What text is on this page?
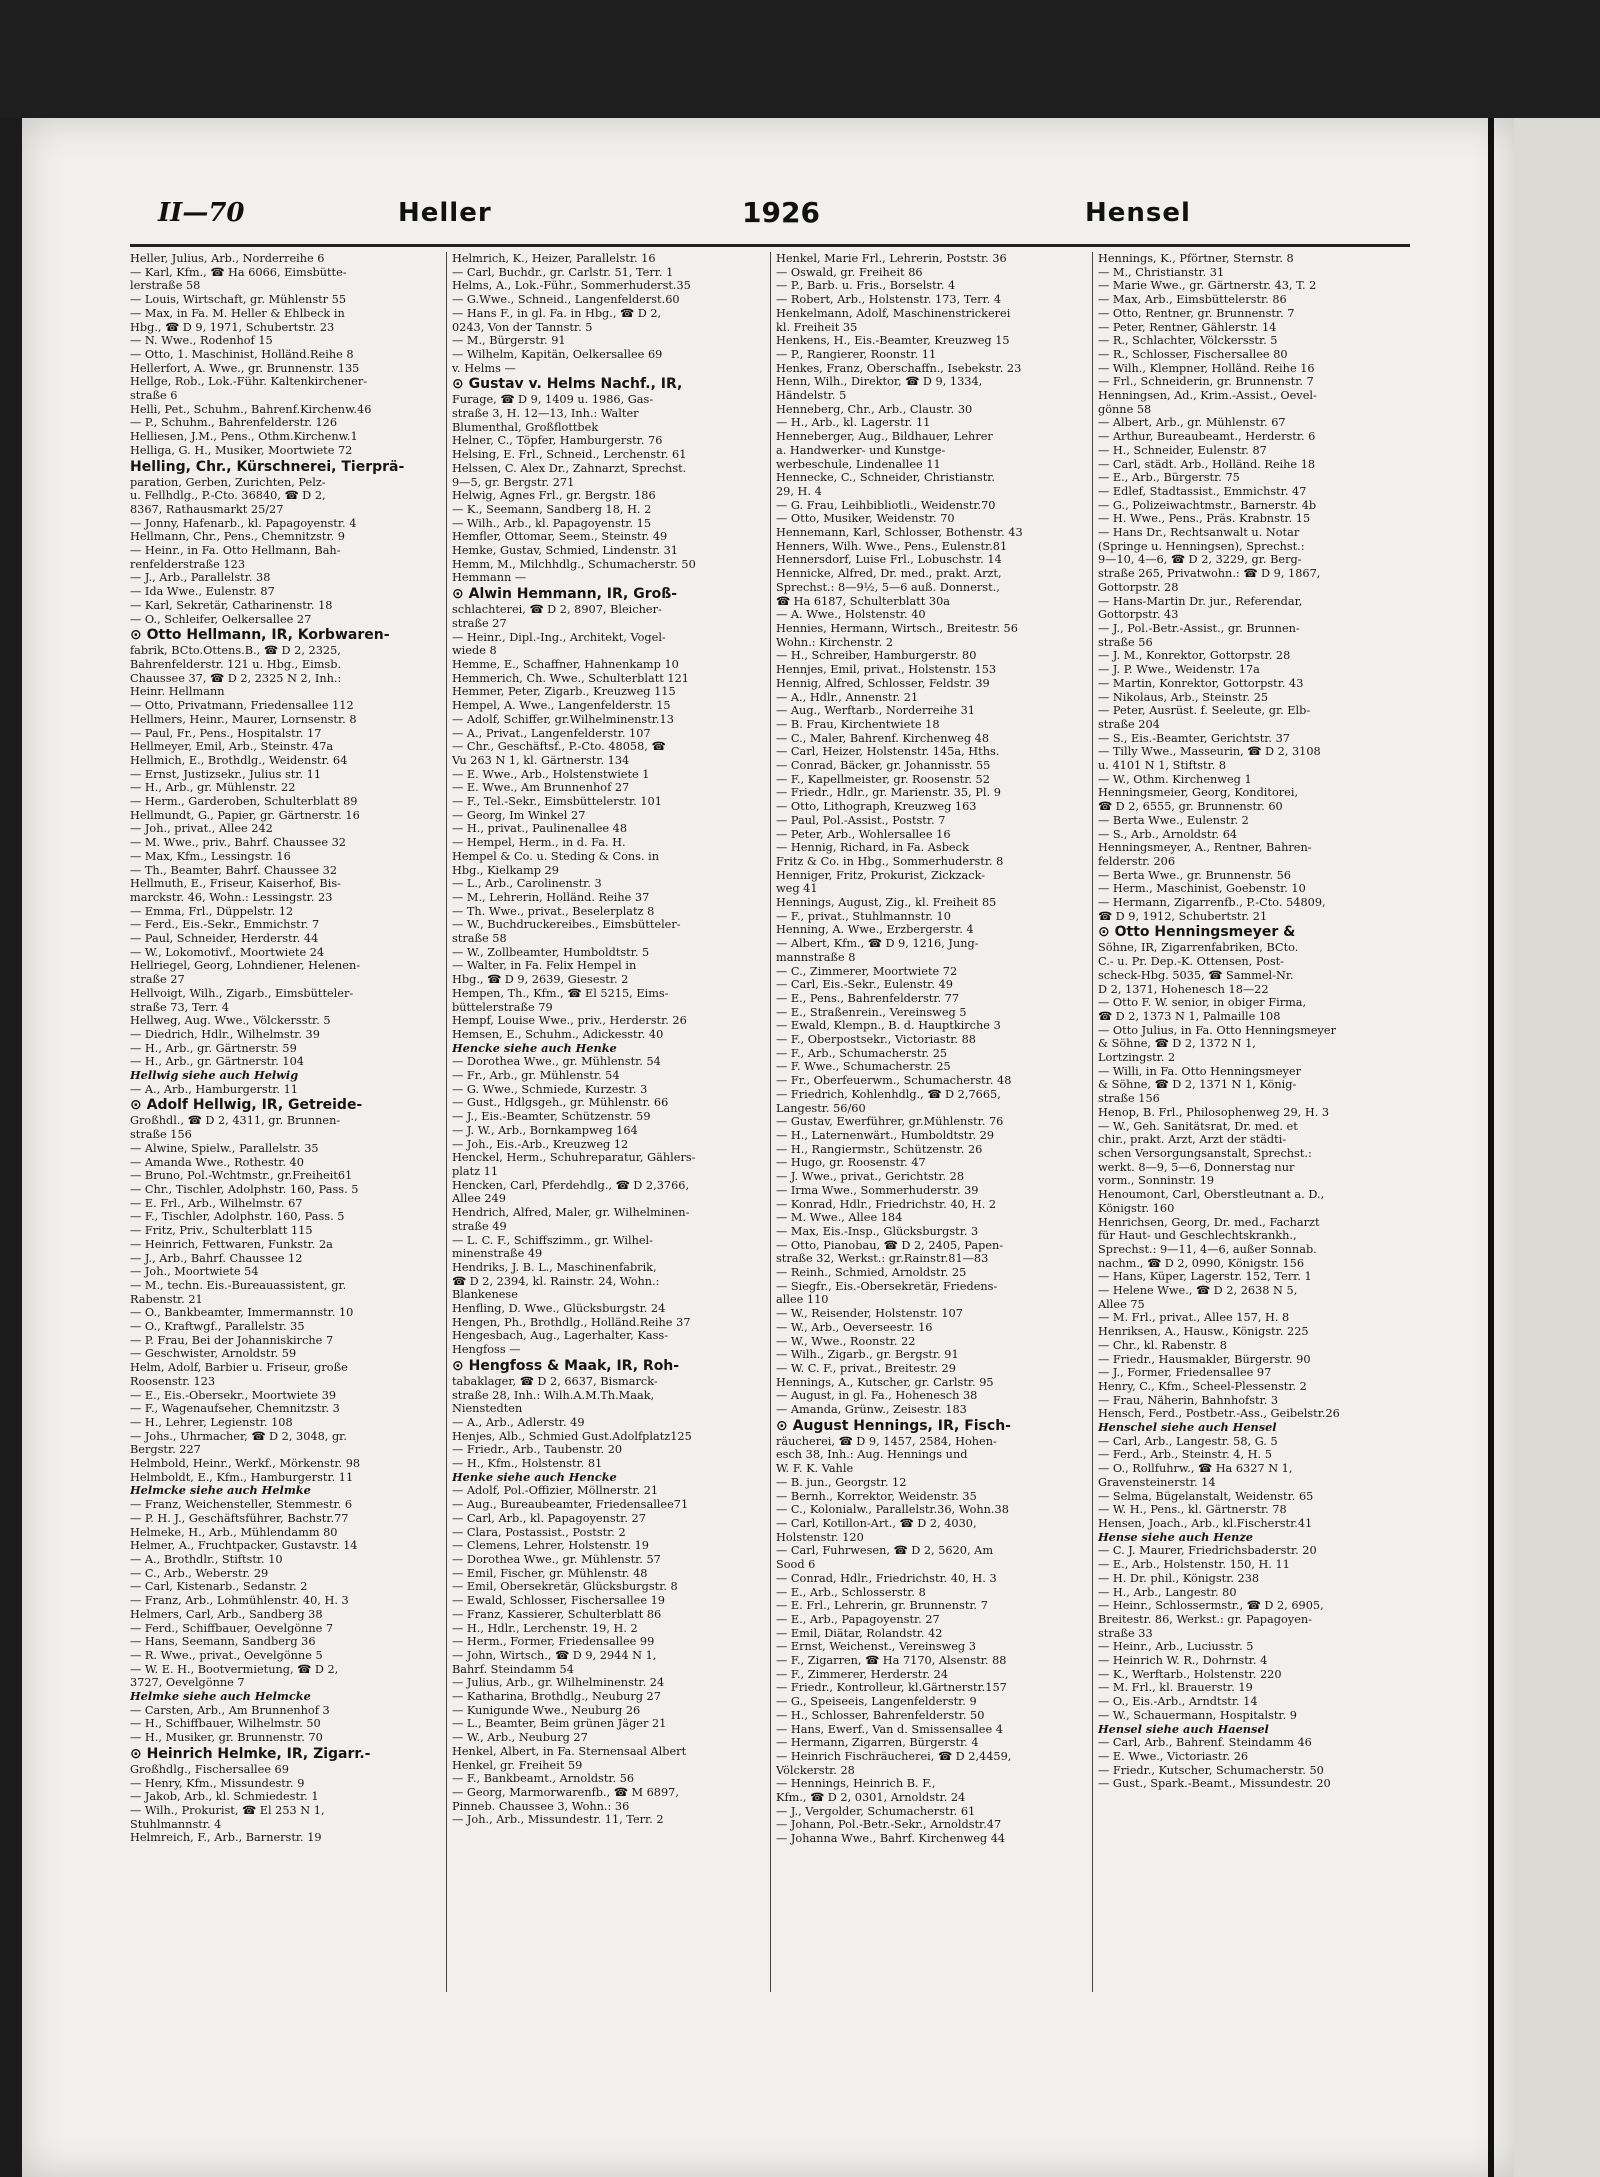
II—70	Heller	1926	Hensel
Heller, Julius, Arb., Norderreihe 6
— Karl, Kfm., ☎ Ha 6066, Eimsbütte-
lerstraße 58
— Louis, Wirtschaft, gr. Mühlenstr 55
— Max, in Fa. M. Heller & Ehlbeck in
Hbg., ☎ D 9, 1971, Schubertstr. 23
— N. Wwe., Rodenhof 15
— Otto, 1. Maschinist, Holländ.Reihe 8
Hellerfort, A. Wwe., gr. Brunnenstr. 135
Hellge, Rob., Lok.-Führ. Kaltenkirchener-
straße 6
Helli, Pet., Schuhm., Bahrenf.Kirchenw.46
— P., Schuhm., Bahrenfelderstr. 126
Helliesen, J.M., Pens., Othm.Kirchenw.1
Helliga, G. H., Musiker, Moortwiete 72
Helling, Chr., Kürschnerei, Tierprä-
paration, Gerben, Zurichten, Pelz-
u. Fellhdlg., P.-Cto. 36840, ☎ D 2,
8367, Rathausmarkt 25/27
— Jonny, Hafenarb., kl. Papagoyenstr. 4
Hellmann, Chr., Pens., Chemnitzstr. 9
— Heinr., in Fa. Otto Hellmann, Bah-
renfelderstraße 123
— J., Arb., Parallelstr. 38
— Ida Wwe., Eulenstr. 87
— Karl, Sekretär, Catharinenstr. 18
— O., Schleifer, Oelkersallee 27
⊙ Otto Hellmann, IR, Korbwaren-
fabrik, BCto.Ottens.B., ☎ D 2, 2325,
Bahrenfelderstr. 121 u. Hbg., Eimsb.
Chaussee 37, ☎ D 2, 2325 N 2, Inh.:
Heinr. Hellmann
— Otto, Privatmann, Friedensallee 112
Hellmers, Heinr., Maurer, Lornsenstr. 8
— Paul, Fr., Pens., Hospitalstr. 17
Hellmeyer, Emil, Arb., Steinstr. 47a
Hellmich, E., Brothdlg., Weidenstr. 64
— Ernst, Justizsekr., Julius str. 11
— H., Arb., gr. Mühlenstr. 22
— Herm., Garderoben, Schulterblatt 89
Hellmundt, G., Papier, gr. Gärtnerstr. 16
— Joh., privat., Allee 242
— M. Wwe., priv., Bahrf. Chaussee 32
— Max, Kfm., Lessingstr. 16
— Th., Beamter, Bahrf. Chaussee 32
Hellmuth, E., Friseur, Kaiserhof, Bis-
marckstr. 46, Wohn.: Lessingstr. 23
— Emma, Frl., Düppelstr. 12
— Ferd., Eis.-Sekr., Emmichstr. 7
— Paul, Schneider, Herderstr. 44
— W., Lokomotivf., Moortwiete 24
Hellriegel, Georg, Lohndiener, Helenen-
straße 27
Hellvoigt, Wilh., Zigarb., Eimsbütteler-
straße 73, Terr. 4
Hellweg, Aug. Wwe., Völckersstr. 5
— Diedrich, Hdlr., Wilhelmstr. 39
— H., Arb., gr. Gärtnerstr. 59
— H., Arb., gr. Gärtnerstr. 104
Hellwig siehe auch Helwig
— A., Arb., Hamburgerstr. 11
⊙ Adolf Hellwig, IR, Getreide-
Großhdl., ☎ D 2, 4311, gr. Brunnen-
straße 156
— Alwine, Spielw., Parallelstr. 35
— Amanda Wwe., Rothestr. 40
— Bruno, Pol.-Wchtmstr., gr.Freiheit61
— Chr., Tischler, Adolphstr. 160, Pass. 5
— E. Frl., Arb., Wilhelmstr. 67
— F., Tischler, Adolphstr. 160, Pass. 5
— Fritz, Priv., Schulterblatt 115
— Heinrich, Fettwaren, Funkstr. 2a
— J., Arb., Bahrf. Chaussee 12
— Joh., Moortwiete 54
— M., techn. Eis.-Bureauassistent, gr.
Rabenstr. 21
— O., Bankbeamter, Immermannstr. 10
— O., Kraftwgf., Parallelstr. 35
— P. Frau, Bei der Johanniskirche 7
— Geschwister, Arnoldstr. 59
Helm, Adolf, Barbier u. Friseur, große
Roosenstr. 123
— E., Eis.-Obersekr., Moortwiete 39
— F., Wagenaufseher, Chemnitzstr. 3
— H., Lehrer, Legienstr. 108
— Johs., Uhrmacher, ☎ D 2, 3048, gr.
Bergstr. 227
Helmbold, Heinr., Werkf., Mörkenstr. 98
Helmboldt, E., Kfm., Hamburgerstr. 11
Helmcke siehe auch Helmke
— Franz, Weichensteller, Stemmestr. 6
— P. H. J., Geschäftsführer, Bachstr.77
Helmeke, H., Arb., Mühlendamm 80
Helmer, A., Fruchtpacker, Gustavstr. 14
— A., Brothdlr., Stiftstr. 10
— C., Arb., Weberstr. 29
— Carl, Kistenarb., Sedanstr. 2
— Franz, Arb., Lohmühlenstr. 40, H. 3
Helmers, Carl, Arb., Sandberg 38
— Ferd., Schiffbauer, Oevelgönne 7
— Hans, Seemann, Sandberg 36
— R. Wwe., privat., Oevelgönne 5
— W. E. H., Bootvermietung, ☎ D 2,
3727, Oevelgönne 7
Helmke siehe auch Helmcke
— Carsten, Arb., Am Brunnenhof 3
— H., Schiffbauer, Wilhelmstr. 50
— H., Musiker, gr. Brunnenstr. 70
⊙ Heinrich Helmke, IR, Zigarr.-
Großhdlg., Fischersallee 69
— Henry, Kfm., Missundestr. 9
— Jakob, Arb., kl. Schmiedestr. 1
— Wilh., Prokurist, ☎ El 253 N 1,
Stuhlmannstr. 4
Helmreich, F., Arb., Barnerstr. 19
Helmrich, K., Heizer, Parallelstr. 16
— Carl, Buchdr., gr. Carlstr. 51, Terr. 1
Helms, A., Lok.-Führ., Sommerhuderst.35
— G.Wwe., Schneid., Langenfelderst.60
— Hans F., in gl. Fa. in Hbg., ☎ D 2,
0243, Von der Tannstr. 5
— M., Bürgerstr. 91
— Wilhelm, Kapitän, Oelkersallee 69
v. Helms —
⊙ Gustav v. Helms Nachf., IR,
Furage, ☎ D 9, 1409 u. 1986, Gas-
straße 3, H. 12—13, Inh.: Walter
Blumenthal, Großflottbek
Helner, C., Töpfer, Hamburgerstr. 76
Helsing, E. Frl., Schneid., Lerchenstr. 61
Helssen, C. Alex Dr., Zahnarzt, Sprechst.
9—5, gr. Bergstr. 271
Helwig, Agnes Frl., gr. Bergstr. 186
— K., Seemann, Sandberg 18, H. 2
— Wilh., Arb., kl. Papagoyenstr. 15
Hemfler, Ottomar, Seem., Steinstr. 49
Hemke, Gustav, Schmied, Lindenstr. 31
Hemm, M., Milchhdlg., Schumacherstr. 50
Hemmann —
⊙ Alwin Hemmann, IR, Groß-
schlachterei, ☎ D 2, 8907, Bleicher-
straße 27
— Heinr., Dipl.-Ing., Architekt, Vogel-
wiede 8
Hemme, E., Schaffner, Hahnenkamp 10
Hemmerich, Ch. Wwe., Schulterblatt 121
Hemmer, Peter, Zigarb., Kreuzweg 115
Hempel, A. Wwe., Langenfelderstr. 15
— Adolf, Schiffer, gr.Wilhelminenstr.13
— A., Privat., Langenfelderstr. 107
— Chr., Geschäftsf., P.-Cto. 48058, ☎
Vu 263 N 1, kl. Gärtnerstr. 134
— E. Wwe., Arb., Holstenstwiete 1
— E. Wwe., Am Brunnenhof 27
— F., Tel.-Sekr., Eimsbüttelerstr. 101
— Georg, Im Winkel 27
— H., privat., Paulinenallee 48
— Hempel, Herm., in d. Fa. H.
Hempel & Co. u. Steding & Cons. in
Hbg., Kielkamp 29
— L., Arb., Carolinenstr. 3
— M., Lehrerin, Holländ. Reihe 37
— Th. Wwe., privat., Beselerplatz 8
— W., Buchdruckereibes., Eimsbütteler-
straße 58
— W., Zollbeamter, Humboldtstr. 5
— Walter, in Fa. Felix Hempel in
Hbg., ☎ D 9, 2639, Giesestr. 2
Hempen, Th., Kfm., ☎ El 5215, Eims-
büttelerstraße 79
Hempf, Louise Wwe., priv., Herderstr. 26
Hemsen, E., Schuhm., Adickesstr. 40
Hencke siehe auch Henke
— Dorothea Wwe., gr. Mühlenstr. 54
— Fr., Arb., gr. Mühlenstr. 54
— G. Wwe., Schmiede, Kurzestr. 3
— Gust., Hdlgsgeh., gr. Mühlenstr. 66
— J., Eis.-Beamter, Schützenstr. 59
— J. W., Arb., Bornkampweg 164
— Joh., Eis.-Arb., Kreuzweg 12
Henckel, Herm., Schuhreparatur, Gählers-
platz 11
Hencken, Carl, Pferdehdlg., ☎ D 2,3766,
Allee 249
Hendrich, Alfred, Maler, gr. Wilhelminen-
straße 49
— L. C. F., Schiffszimm., gr. Wilhel-
minenstraße 49
Hendriks, J. B. L., Maschinenfabrik,
☎ D 2, 2394, kl. Rainstr. 24, Wohn.:
Blankenese
Henfling, D. Wwe., Glücksburgstr. 24
Hengen, Ph., Brothdlg., Holländ.Reihe 37
Hengesbach, Aug., Lagerhalter, Kass-
Hengfoss —
⊙ Hengfoss & Maak, IR, Roh-
tabaklager, ☎ D 2, 6637, Bismarck-
straße 28, Inh.: Wilh.A.M.Th.Maak,
Nienstedten
— A., Arb., Adlerstr. 49
Henjes, Alb., Schmied Gust.Adolfplatz125
— Friedr., Arb., Taubenstr. 20
— H., Kfm., Holstenstr. 81
Henke siehe auch Hencke
— Adolf, Pol.-Offizier, Möllnerstr. 21
— Aug., Bureaubeamter, Friedensallee71
— Carl, Arb., kl. Papagoyenstr. 27
— Clara, Postassist., Poststr. 2
— Clemens, Lehrer, Holstenstr. 19
— Dorothea Wwe., gr. Mühlenstr. 57
— Emil, Fischer, gr. Mühlenstr. 48
— Emil, Obersekretär, Glücksburgstr. 8
— Ewald, Schlosser, Fischersallee 19
— Franz, Kassierer, Schulterblatt 86
— H., Hdlr., Lerchenstr. 19, H. 2
— Herm., Former, Friedensallee 99
— John, Wirtsch., ☎ D 9, 2944 N 1,
Bahrf. Steindamm 54
— Julius, Arb., gr. Wilhelminenstr. 24
— Katharina, Brothdlg., Neuburg 27
— Kunigunde Wwe., Neuburg 26
— L., Beamter, Beim grünen Jäger 21
— W., Arb., Neuburg 27
Henkel, Albert, in Fa. Sternensaal Albert
Henkel, gr. Freiheit 59
— F., Bankbeamt., Arnoldstr. 56
— Georg, Marmorwarenfb., ☎ M 6897,
Pinneb. Chaussee 3, Wohn.: 36
— Joh., Arb., Missundestr. 11, Terr. 2
Henkel, Marie Frl., Lehrerin, Poststr. 36
— Oswald, gr. Freiheit 86
— P., Barb. u. Fris., Borselstr. 4
— Robert, Arb., Holstenstr. 173, Terr. 4
Henkelmann, Adolf, Maschinenstrickerei
kl. Freiheit 35
Henkens, H., Eis.-Beamter, Kreuzweg 15
— P., Rangierer, Roonstr. 11
Henkes, Franz, Oberschaffn., Isebekstr. 23
Henn, Wilh., Direktor, ☎ D 9, 1334,
Händelstr. 5
Henneberg, Chr., Arb., Claustr. 30
— H., Arb., kl. Lagerstr. 11
Henneberger, Aug., Bildhauer, Lehrer
a. Handwerker- und Kunstge-
werbeschule, Lindenallee 11
Hennecke, C., Schneider, Christianstr.
29, H. 4
— G. Frau, Leihbibliotli., Weidenstr.70
— Otto, Musiker, Weidenstr. 70
Hennemann, Karl, Schlosser, Bothenstr. 43
Henners, Wilh. Wwe., Pens., Eulenstr.81
Hennersdorf, Luise Frl., Lobuschstr. 14
Hennicke, Alfred, Dr. med., prakt. Arzt,
Sprechst.: 8—9½, 5—6 auß. Donnerst.,
☎ Ha 6187, Schulterblatt 30a
— A. Wwe., Holstenstr. 40
Hennies, Hermann, Wirtsch., Breitestr. 56
Wohn.: Kirchenstr. 2
— H., Schreiber, Hamburgerstr. 80
Hennjes, Emil, privat., Holstenstr. 153
Hennig, Alfred, Schlosser, Feldstr. 39
— A., Hdlr., Annenstr. 21
— Aug., Werftarb., Norderreihe 31
— B. Frau, Kirchentwiete 18
— C., Maler, Bahrenf. Kirchenweg 48
— Carl, Heizer, Holstenstr. 145a, Hths.
— Conrad, Bäcker, gr. Johannisstr. 55
— F., Kapellmeister, gr. Roosenstr. 52
— Friedr., Hdlr., gr. Marienstr. 35, Pl. 9
— Otto, Lithograph, Kreuzweg 163
— Paul, Pol.-Assist., Poststr. 7
— Peter, Arb., Wohlersallee 16
— Hennig, Richard, in Fa. Asbeck
Fritz & Co. in Hbg., Sommerhuderstr. 8
Henniger, Fritz, Prokurist, Zickzack-
weg 41
Hennings, August, Zig., kl. Freiheit 85
— F., privat., Stuhlmannstr. 10
Henning, A. Wwe., Erzbergerstr. 4
— Albert, Kfm., ☎ D 9, 1216, Jung-
mannstraße 8
— C., Zimmerer, Moortwiete 72
— Carl, Eis.-Sekr., Eulenstr. 49
— E., Pens., Bahrenfelderstr. 77
— E., Straßenrein., Vereinsweg 5
— Ewald, Klempn., B. d. Hauptkirche 3
— F., Oberpostsekr., Victoriastr. 88
— F., Arb., Schumacherstr. 25
— F. Wwe., Schumacherstr. 25
— Fr., Oberfeuerwm., Schumacherstr. 48
— Friedrich, Kohlenhdlg., ☎ D 2,7665,
Langestr. 56/60
— Gustav, Ewerführer, gr.Mühlenstr. 76
— H., Laternenwärt., Humboldtstr. 29
— H., Rangiermstr., Schützenstr. 26
— Hugo, gr. Roosenstr. 47
— J. Wwe., privat., Gerichtstr. 28
— Irma Wwe., Sommerhuderstr. 39
— Konrad, Hdlr., Friedrichstr. 40, H. 2
— M. Wwe., Allee 184
— Max, Eis.-Insp., Glücksburgstr. 3
— Otto, Pianobau, ☎ D 2, 2405, Papen-
straße 32, Werkst.: gr.Rainstr.81—83
— Reinh., Schmied, Arnoldstr. 25
— Siegfr., Eis.-Obersekretär, Friedens-
allee 110
— W., Reisender, Holstenstr. 107
— W., Arb., Oeverseestr. 16
— W., Wwe., Roonstr. 22
— Wilh., Zigarb., gr. Bergstr. 91
— W. C. F., privat., Breitestr. 29
Hennings, A., Kutscher, gr. Carlstr. 95
— August, in gl. Fa., Hohenesch 38
— Amanda, Grünw., Zeisestr. 183
⊙ August Hennings, IR, Fisch-
räucherei, ☎ D 9, 1457, 2584, Hohen-
esch 38, Inh.: Aug. Hennings und
W. F. K. Vahle
— B. jun., Georgstr. 12
— Bernh., Korrektor, Weidenstr. 35
— C., Kolonialw., Parallelstr.36, Wohn.38
— Carl, Kotillon-Art., ☎ D 2, 4030,
Holstenstr. 120
— Carl, Fuhrwesen, ☎ D 2, 5620, Am
Sood 6
— Conrad, Hdlr., Friedrichstr. 40, H. 3
— E., Arb., Schlosserstr. 8
— E. Frl., Lehrerin, gr. Brunnenstr. 7
— E., Arb., Papagoyenstr. 27
— Emil, Diätar, Rolandstr. 42
— Ernst, Weichenst., Vereinsweg 3
— F., Zigarren, ☎ Ha 7170, Alsenstr. 88
— F., Zimmerer, Herderstr. 24
— Friedr., Kontrolleur, kl.Gärtnerstr.157
— G., Speiseeis, Langenfelderstr. 9
— H., Schlosser, Bahrenfelderstr. 50
— Hans, Ewerf., Van d. Smissensallee 4
— Hermann, Zigarren, Bürgerstr. 4
— Heinrich Fischräucherei, ☎ D 2,4459,
Völckerstr. 28
— Hennings, Heinrich B. F.,
Kfm., ☎ D 2, 0301, Arnoldstr. 24
— J., Vergolder, Schumacherstr. 61
— Johann, Pol.-Betr.-Sekr., Arnoldstr.47
— Johanna Wwe., Bahrf. Kirchenweg 44
Hennings, K., Pförtner, Sternstr. 8
— M., Christianstr. 31
— Marie Wwe., gr. Gärtnerstr. 43, T. 2
— Max, Arb., Eimsbüttelerstr. 86
— Otto, Rentner, gr. Brunnenstr. 7
— Peter, Rentner, Gählerstr. 14
— R., Schlachter, Völckersstr. 5
— R., Schlosser, Fischersallee 80
— Wilh., Klempner, Holländ. Reihe 16
— Frl., Schneiderin, gr. Brunnenstr. 7
Henningsen, Ad., Krim.-Assist., Oevel-
gönne 58
— Albert, Arb., gr. Mühlenstr. 67
— Arthur, Bureaubeamt., Herderstr. 6
— H., Schneider, Eulenstr. 87
— Carl, städt. Arb., Holländ. Reihe 18
— E., Arb., Bürgerstr. 75
— Edlef, Stadtassist., Emmichstr. 47
— G., Polizeiwachtmstr., Barnerstr. 4b
— H. Wwe., Pens., Präs. Krabnstr. 15
— Hans Dr., Rechtsanwalt u. Notar
(Springe u. Henningsen), Sprechst.:
9—10, 4—6, ☎ D 2, 3229, gr. Berg-
straße 265, Privatwohn.: ☎ D 9, 1867,
Gottorpstr. 28
— Hans-Martin Dr. jur., Referendar,
Gottorpstr. 43
— J., Pol.-Betr.-Assist., gr. Brunnen-
straße 56
— J. M., Konrektor, Gottorpstr. 28
— J. P. Wwe., Weidenstr. 17a
— Martin, Konrektor, Gottorpstr. 43
— Nikolaus, Arb., Steinstr. 25
— Peter, Ausrüst. f. Seeleute, gr. Elb-
straße 204
— S., Eis.-Beamter, Gerichtstr. 37
— Tilly Wwe., Masseurin, ☎ D 2, 3108
u. 4101 N 1, Stiftstr. 8
— W., Othm. Kirchenweg 1
Henningsmeier, Georg, Konditorei,
☎ D 2, 6555, gr. Brunnenstr. 60
— Berta Wwe., Eulenstr. 2
— S., Arb., Arnoldstr. 64
Henningsmeyer, A., Rentner, Bahren-
felderstr. 206
— Berta Wwe., gr. Brunnenstr. 56
— Herm., Maschinist, Goebenstr. 10
— Hermann, Zigarrenfb., P.-Cto. 54809,
☎ D 9, 1912, Schubertstr. 21
⊙ Otto Henningsmeyer &
Söhne, IR, Zigarrenfabriken, BCto.
C.- u. Pr. Dep.-K. Ottensen, Post-
scheck-Hbg. 5035, ☎ Sammel-Nr.
D 2, 1371, Hohenesch 18—22
— Otto F. W. senior, in obiger Firma,
☎ D 2, 1373 N 1, Palmaille 108
— Otto Julius, in Fa. Otto Henningsmeyer
& Söhne, ☎ D 2, 1372 N 1,
Lortzingstr. 2
— Willi, in Fa. Otto Henningsmeyer
& Söhne, ☎ D 2, 1371 N 1, König-
straße 156
Henop, B. Frl., Philosophenweg 29, H. 3
— W., Geh. Sanitätsrat, Dr. med. et
chir., prakt. Arzt, Arzt der städti-
schen Versorgungsanstalt, Sprechst.:
werkt. 8—9, 5—6, Donnerstag nur
vorm., Sonninstr. 19
Henoumont, Carl, Oberstleutnant a. D.,
Königstr. 160
Henrichsen, Georg, Dr. med., Facharzt
für Haut- und Geschlechtskrankh.,
Sprechst.: 9—11, 4—6, außer Sonnab.
nachm., ☎ D 2, 0990, Königstr. 156
— Hans, Küper, Lagerstr. 152, Terr. 1
— Helene Wwe., ☎ D 2, 2638 N 5,
Allee 75
— M. Frl., privat., Allee 157, H. 8
Henriksen, A., Hausw., Königstr. 225
— Chr., kl. Rabenstr. 8
— Friedr., Hausmakler, Bürgerstr. 90
— J., Former, Friedensallee 97
Henry, C., Kfm., Scheel-Plessenstr. 2
— Frau, Näherin, Bahnhofstr. 3
Hensch, Ferd., Postbetr.-Ass., Geibelstr.26
Henschel siehe auch Hensel
— Carl, Arb., Langestr. 58, G. 5
— Ferd., Arb., Steinstr. 4, H. 5
— O., Rollfuhrw., ☎ Ha 6327 N 1,
Gravensteinerstr. 14
— Selma, Bügelanstalt, Weidenstr. 65
— W. H., Pens., kl. Gärtnerstr. 78
Hensen, Joach., Arb., kl.Fischerstr.41
Hense siehe auch Henze
— C. J. Maurer, Friedrichsbaderstr. 20
— E., Arb., Holstenstr. 150, H. 11
— H. Dr. phil., Königstr. 238
— H., Arb., Langestr. 80
— Heinr., Schlossermstr., ☎ D 2, 6905,
Breitestr. 86, Werkst.: gr. Papagoyen-
straße 33
— Heinr., Arb., Luciusstr. 5
— Heinrich W. R., Dohrnstr. 4
— K., Werftarb., Holstenstr. 220
— M. Frl., kl. Brauerstr. 19
— O., Eis.-Arb., Arndtstr. 14
— W., Schauermann, Hospitalstr. 9
Hensel siehe auch Haensel
— Carl, Arb., Bahrenf. Steindamm 46
— E. Wwe., Victoriastr. 26
— Friedr., Kutscher, Schumacherstr. 50
— Gust., Spark.-Beamt., Missundestr. 20
